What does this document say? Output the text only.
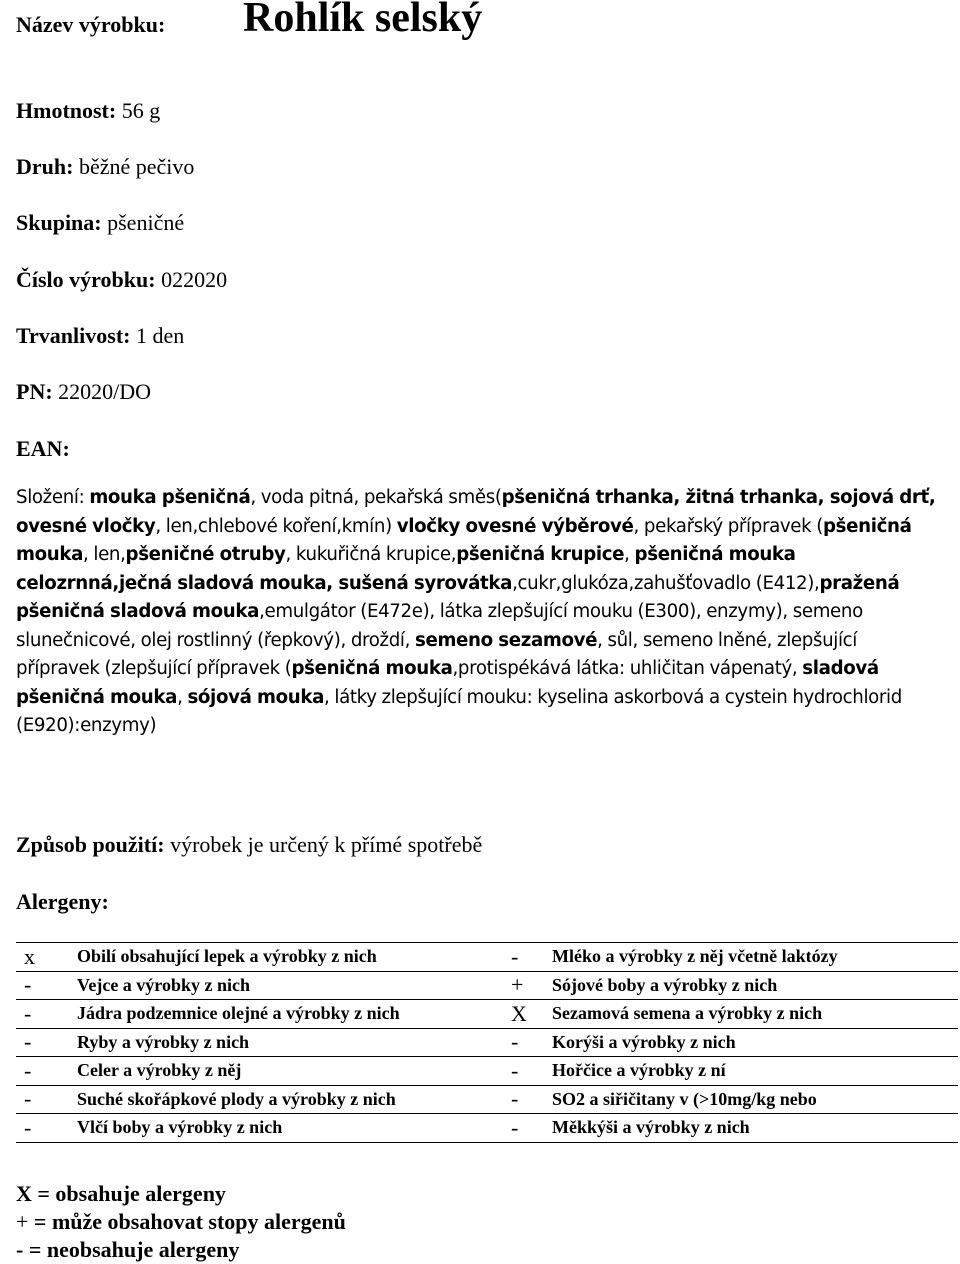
Název výrobku: Rohlík selský
Hmotnost: 56 g
Druh: běžné pečivo
Skupina: pšeničné
Číslo výrobku: 022020
Trvanlivost: 1 den
PN: 22020/DO
EAN:
Složení: mouka pšeničná, voda pitná, pekařská směs(pšeničná trhanka, žitná trhanka, sojová drť, ovesné vločky, len,chlebové koření,kmín) vločky ovesné výběrové, pekařský přípravek (pšeničná mouka, len,pšeničné otruby, kukuřičná krupice,pšeničná krupice, pšeničná mouka celozrnná,ječná sladová mouka, sušená syrovátka,cukr,glukóza,zahušťovadlo (E412),pražená pšeničná sladová mouka,emulgátor (E472e), látka zlepšující mouku (E300), enzymy), semeno slunečnicové, olej rostlinný (řepkový), droždí, semeno sezamové, sůl, semeno lněné, zlepšující přípravek (zlepšující přípravek (pšeničná mouka,protispékává látka: uhličitan vápenatý, sladová pšeničná mouka, sójová mouka, látky zlepšující mouku: kyselina askorbová a cystein hydrochlorid (E920):enzymy)
Způsob použití: výrobek je určený k přímé spotřebě
Alergeny:
x	Obilí obsahující lepek a výrobky z nich	-	Mléko a výrobky z něj včetně laktózy
-	Vejce a výrobky z nich	+	Sójové boby a výrobky z nich
-	Jádra podzemnice olejné a výrobky z nich	X	Sezamová semena a výrobky z nich
-	Ryby a výrobky z nich	-	Korýši a výrobky z nich
-	Celer a výrobky z něj	-	Hořčice a výrobky z ní
-	Suché skořápkové plody a výrobky z nich	-	SO2 a siřičitany v (>10mg/kg nebo
-	Vlčí boby a výrobky z nich	-	Měkkýši a výrobky z nich
X = obsahuje alergeny
+ = může obsahovat stopy alergenů
- = neobsahuje alergeny
